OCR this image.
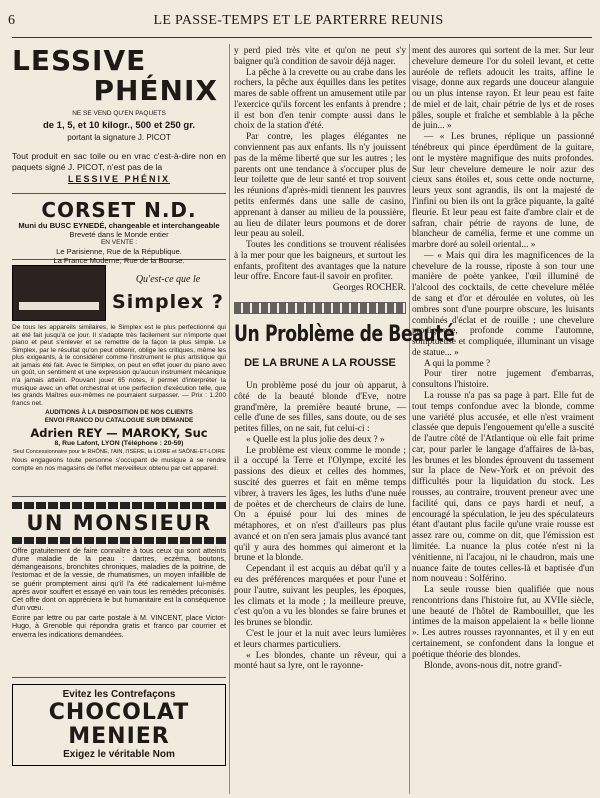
6	LE PASSE-TEMPS ET LE PARTERRE REUNIS
LESSIVE
PHÉNIX
NE SE VEND QU'EN PAQUETS
de 1, 5, et 10 kilogr., 500 et 250 gr.
portant la signature J. PICOT
Tout produit en sac toile ou en vrac c'est-à-dire non en paquets signé J. PICOT, n'est pas de la
LESSIVE PHÉNIX
CORSET N.D.
Muni du BUSC EYNEDÉ, changeable et interchangeable
Breveté dans le Monde entier
EN VENTE :
Le Parisienne, Rue de la République.
La France Moderne, Rue de la Bourse.
Qu'est-ce que le
Simplex ?
De tous les appareils similaires, le Simplex est le plus perfectionné qui ait été fait jusqu'à ce jour. Il s'adapte très facilement sur n'importe quel piano et peut s'enlever et se remettre de la façon la plus simple. Le Simplex, par le résultat qu'on peut obtenir, oblige les critiques, même les plus exigeants, à le considérer comme l'instrument le plus artistique qui ait jamais été fait. Avec le Simplex, on peut en effet jouer du piano avec un goût, un sentiment et une expression qu'aucun instrument mécanique n'a jamais atteint. Pouvant jouer 65 notes, il permet d'interpréter la musique avec un effet orchestral et une perfection d'exécution telle, que les grands Maîtres eux-mêmes ne pourraient surpasser. — Prix : 1.200 francs net.
AUDITIONS À LA DISPOSITION DE NOS CLIENTS
ENVOI FRANCO DU CATALOGUE SUR DEMANDE
Adrien REY — MAROKY, Suc
8, Rue Lafont, LYON (Téléphone : 20-59)
Seul Concessionnaire pour le RHÔNE, l'AIN, l'ISÈRE, la LOIRE et SAÔNE-ET-LOIRE
Nous engageons toute personne s'occupant de musique à se rendre compte en nos magasins de l'effet merveilleux obtenu par cet appareil.
UN MONSIEUR
Offre gratuitement de faire connaître à tous ceux qui sont atteints d'une maladie de la peau : dartres, eczéma, boutons, démangeaisons, bronchites chroniques, maladies de la poitrine, de l'estomac et de la vessie, de rhumatismes, un moyen infaillible de se guérir promptement ainsi qu'il l'a été radicalement lui-même après avoir souffert et essayé en vain tous les remèdes préconisés. Cet offre dont on appréciera le but humanitaire est la conséquence d'un vœu.
Ecrire par lettre ou par carte postale à M. VINCENT, place Victor-Hugo, à Grenoble qui répondra gratis et franco par courrier et enverra les indications demandées.
Evitez les Contrefaçons
CHOCOLAT
MENIER
Exigez le véritable Nom

y perd pied très vite et qu'on ne peut s'y baigner qu'à condition de savoir déjà nager.

La pêche à la crevette ou au crabe dans les rochers, la pêche aux équilles dans les petites mares de sable offrent un amusement utile par l'exercice qu'ils forcent les enfants à prendre ; il est bon d'en tenir compte aussi dans le choix de la station d'été.

Par contre, les plages élégantes ne conviennent pas aux enfants. Ils n'y jouissent pas de la même liberté que sur les autres ; les parents ont une tendance à s'occuper plus de leur toilette que de leur santé et trop souvent les réunions d'après-midi tiennent les pauvres petits enfermés dans une salle de casino, apprenant à danser au milieu de la poussière, au lieu de dilater leurs poumons et de dorer leur peau au soleil.

Toutes les conditions se trouvent réalisées à la mer pour que les baigneurs, et surtout les enfants, profitent des avantages que la nature leur offre. Encore faut-il savoir en profiter.

Georges ROCHER.

Un Problème de Beauté
DE LA BRUNE A LA ROUSSE

Un problème posé du jour où apparut, à côté de la beauté blonde d'Eve, notre grand'mère, la première beauté brune, — celle d'une de ses filles, sans doute, ou de ses petites filles, on ne sait, fut celui-ci :

« Quelle est la plus jolie des deux ? »

Le problème est vieux comme le monde ; il a occupé la Terre et l'Olympe, excité les passions des dieux et celles des hommes, suscité des guerres et fait en même temps vibrer, à travers les âges, les luths d'une nuée de poètes et de chercheurs de clairs de lune. On a épuisé pour lui des mines de métaphores, et on n'est d'ailleurs pas plus avancé et on n'en sera jamais plus avancé tant qu'il y aura des hommes qui aimeront et la brune et la blonde.

Cependant il est acquis au débat qu'il y a eu des préférences marquées et pour l'une et pour l'autre, suivant les peuples, les époques, les climats et la mode ; la meilleure preuve, c'est qu'on a vu les blondes se faire brunes et les brunes se blondir.

C'est le jour et la nuit avec leurs lumières et leurs charmes particuliers.

« Les blondes, chante un rêveur, qui a monté haut sa lyre, ont le rayonne-

ment des aurores qui sortent de la mer. Sur leur chevelure demeure l'or du soleil levant, et cette auréole de reflets adoucit les traits, affine le visage, donne aux regards une douceur alanguie ou un plus intense rayon. Et leur peau est faite de miel et de lait, chair pétrie de lys et de roses pâles, souple et fraîche et semblable à la pêche de juin... »

— « Les brunes, réplique un passionné ténébreux qui pince éperdûment de la guitare, ont le mystère magnifique des nuits profondes. Sur leur chevelure demeure le noir azur des cieux sans étoiles et, sous cette onde nocturne, leurs yeux sont agrandis, ils ont la majesté de l'infini ou bien ils ont la grâce piquante, la gaîté fleurie. Et leur peau est faite d'ambre clair et de safran, chair pétrie de rayons de lune, de blancheur de camélia, ferme et une comme un marbre doré au soleil oriental... »

— « Mais qui dira les magnificences de la chevelure de la rousse, riposte à son tour une manière de poète yankee, l'œil illuminé de l'alcool des cocktails, de cette chevelure mêlée de sang et d'or et déroulée en volutes, où les ombres sont d'une pourpre obscure, les luisants combinés d'éclat et de rouille ; une chevelure prodigieuse, profonde comme l'automne, somptueuse et compliquée, illuminant un visage de statue... »

A qui la pomme ?

Pour tirer notre jugement d'embarras, consultons l'histoire.

La rousse n'a pas sa page à part. Elle fut de tout temps confondue avec la blonde, comme une variété plus accusée, et elle n'est vraiment classée que depuis l'engouement qu'elle a suscité de l'autre côté de l'Atlantique où elle fait prime car, pour parler le langage d'affaires de là-bas, les brunes et les blondes éprouvent du tassement sur la place de New-York et on prévoit des difficultés pour la liquidation du stock. Les rousses, au contraire, trouvent preneur avec une facilité qui, dans ce pays hardi et neuf, a encouragé la spéculation, le jeu des spéculateurs étant d'autant plus facile qu'une vraie rousse est assez rare ou, comme on dit, que l'émission est limitée. La nuance la plus cotée n'est ni la vénitienne, ni l'acajou, ni le chaudron, mais une nuance faite de toutes celles-là et baptisée d'un nom nouveau : Solférino.

La seule rousse bien qualifiée que nous rencontrions dans l'histoire fut, au XVIIe siècle, une beauté de l'hôtel de Rambouillet, que les intimes de la maison appelaient la « belle lionne ». Les autres rousses rayonnantes, et il y en eut certainement, se confondent dans la longue et poétique théorie des blondes.

Blonde, avons-nous dit, notre grand'-
